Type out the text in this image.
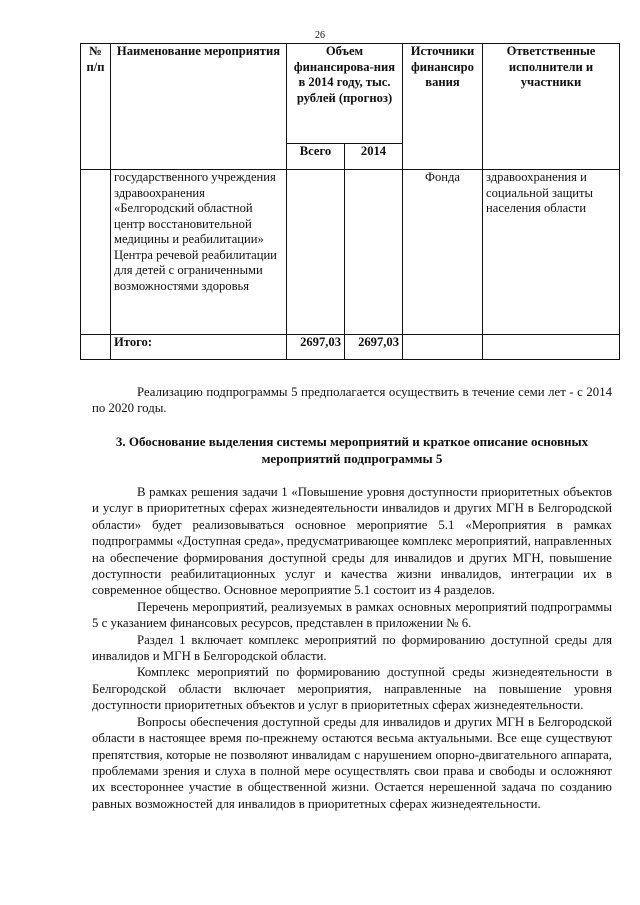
26
№ п/п	Наименование мероприятия	Объем финансирова-ния в 2014 году, тыс. рублей (прогноз)		Источники финансиро вания	Ответственные исполнители и участники
		Всего	2014		
	государственного учреждения здравоохранения «Белгородский областной центр восстановительной медицины и реабилитации» Центра речевой реабилитации для детей с ограниченными возможностями здоровья			Фонда	здравоохранения и социальной защиты населения области
	Итого:	2697,03	2697,03		

Реализацию подпрограммы 5 предполагается осуществить в течение семи лет - с 2014 по 2020 годы.

3. Обоснование выделения системы мероприятий и краткое описание основных мероприятий подпрограммы 5

В рамках решения задачи 1 «Повышение уровня доступности приоритетных объектов и услуг в приоритетных сферах жизнедеятельности инвалидов и других МГН в Белгородской области» будет реализовываться основное мероприятие 5.1 «Мероприятия в рамках подпрограммы «Доступная среда», предусматривающее комплекс мероприятий, направленных на обеспечение формирования доступной среды для инвалидов и других МГН, повышение доступности реабилитационных услуг и качества жизни инвалидов, интеграции их в современное общество. Основное мероприятие 5.1 состоит из 4 разделов.

Перечень мероприятий, реализуемых в рамках основных мероприятий подпрограммы 5 с указанием финансовых ресурсов, представлен в приложении № 6.

Раздел 1 включает комплекс мероприятий по формированию доступной среды для инвалидов и МГН в Белгородской области.

Комплекс мероприятий по формированию доступной среды жизнедеятельности в Белгородской области включает мероприятия, направленные на повышение уровня доступности приоритетных объектов и услуг в приоритетных сферах жизнедеятельности.

Вопросы обеспечения доступной среды для инвалидов и других МГН в Белгородской области в настоящее время по-прежнему остаются весьма актуальными. Все еще существуют препятствия, которые не позволяют инвалидам с нарушением опорно-двигательного аппарата, проблемами зрения и слуха в полной мере осуществлять свои права и свободы и осложняют их всестороннее участие в общественной жизни. Остается нерешенной задача по созданию равных возможностей для инвалидов в приоритетных сферах жизнедеятельности.
